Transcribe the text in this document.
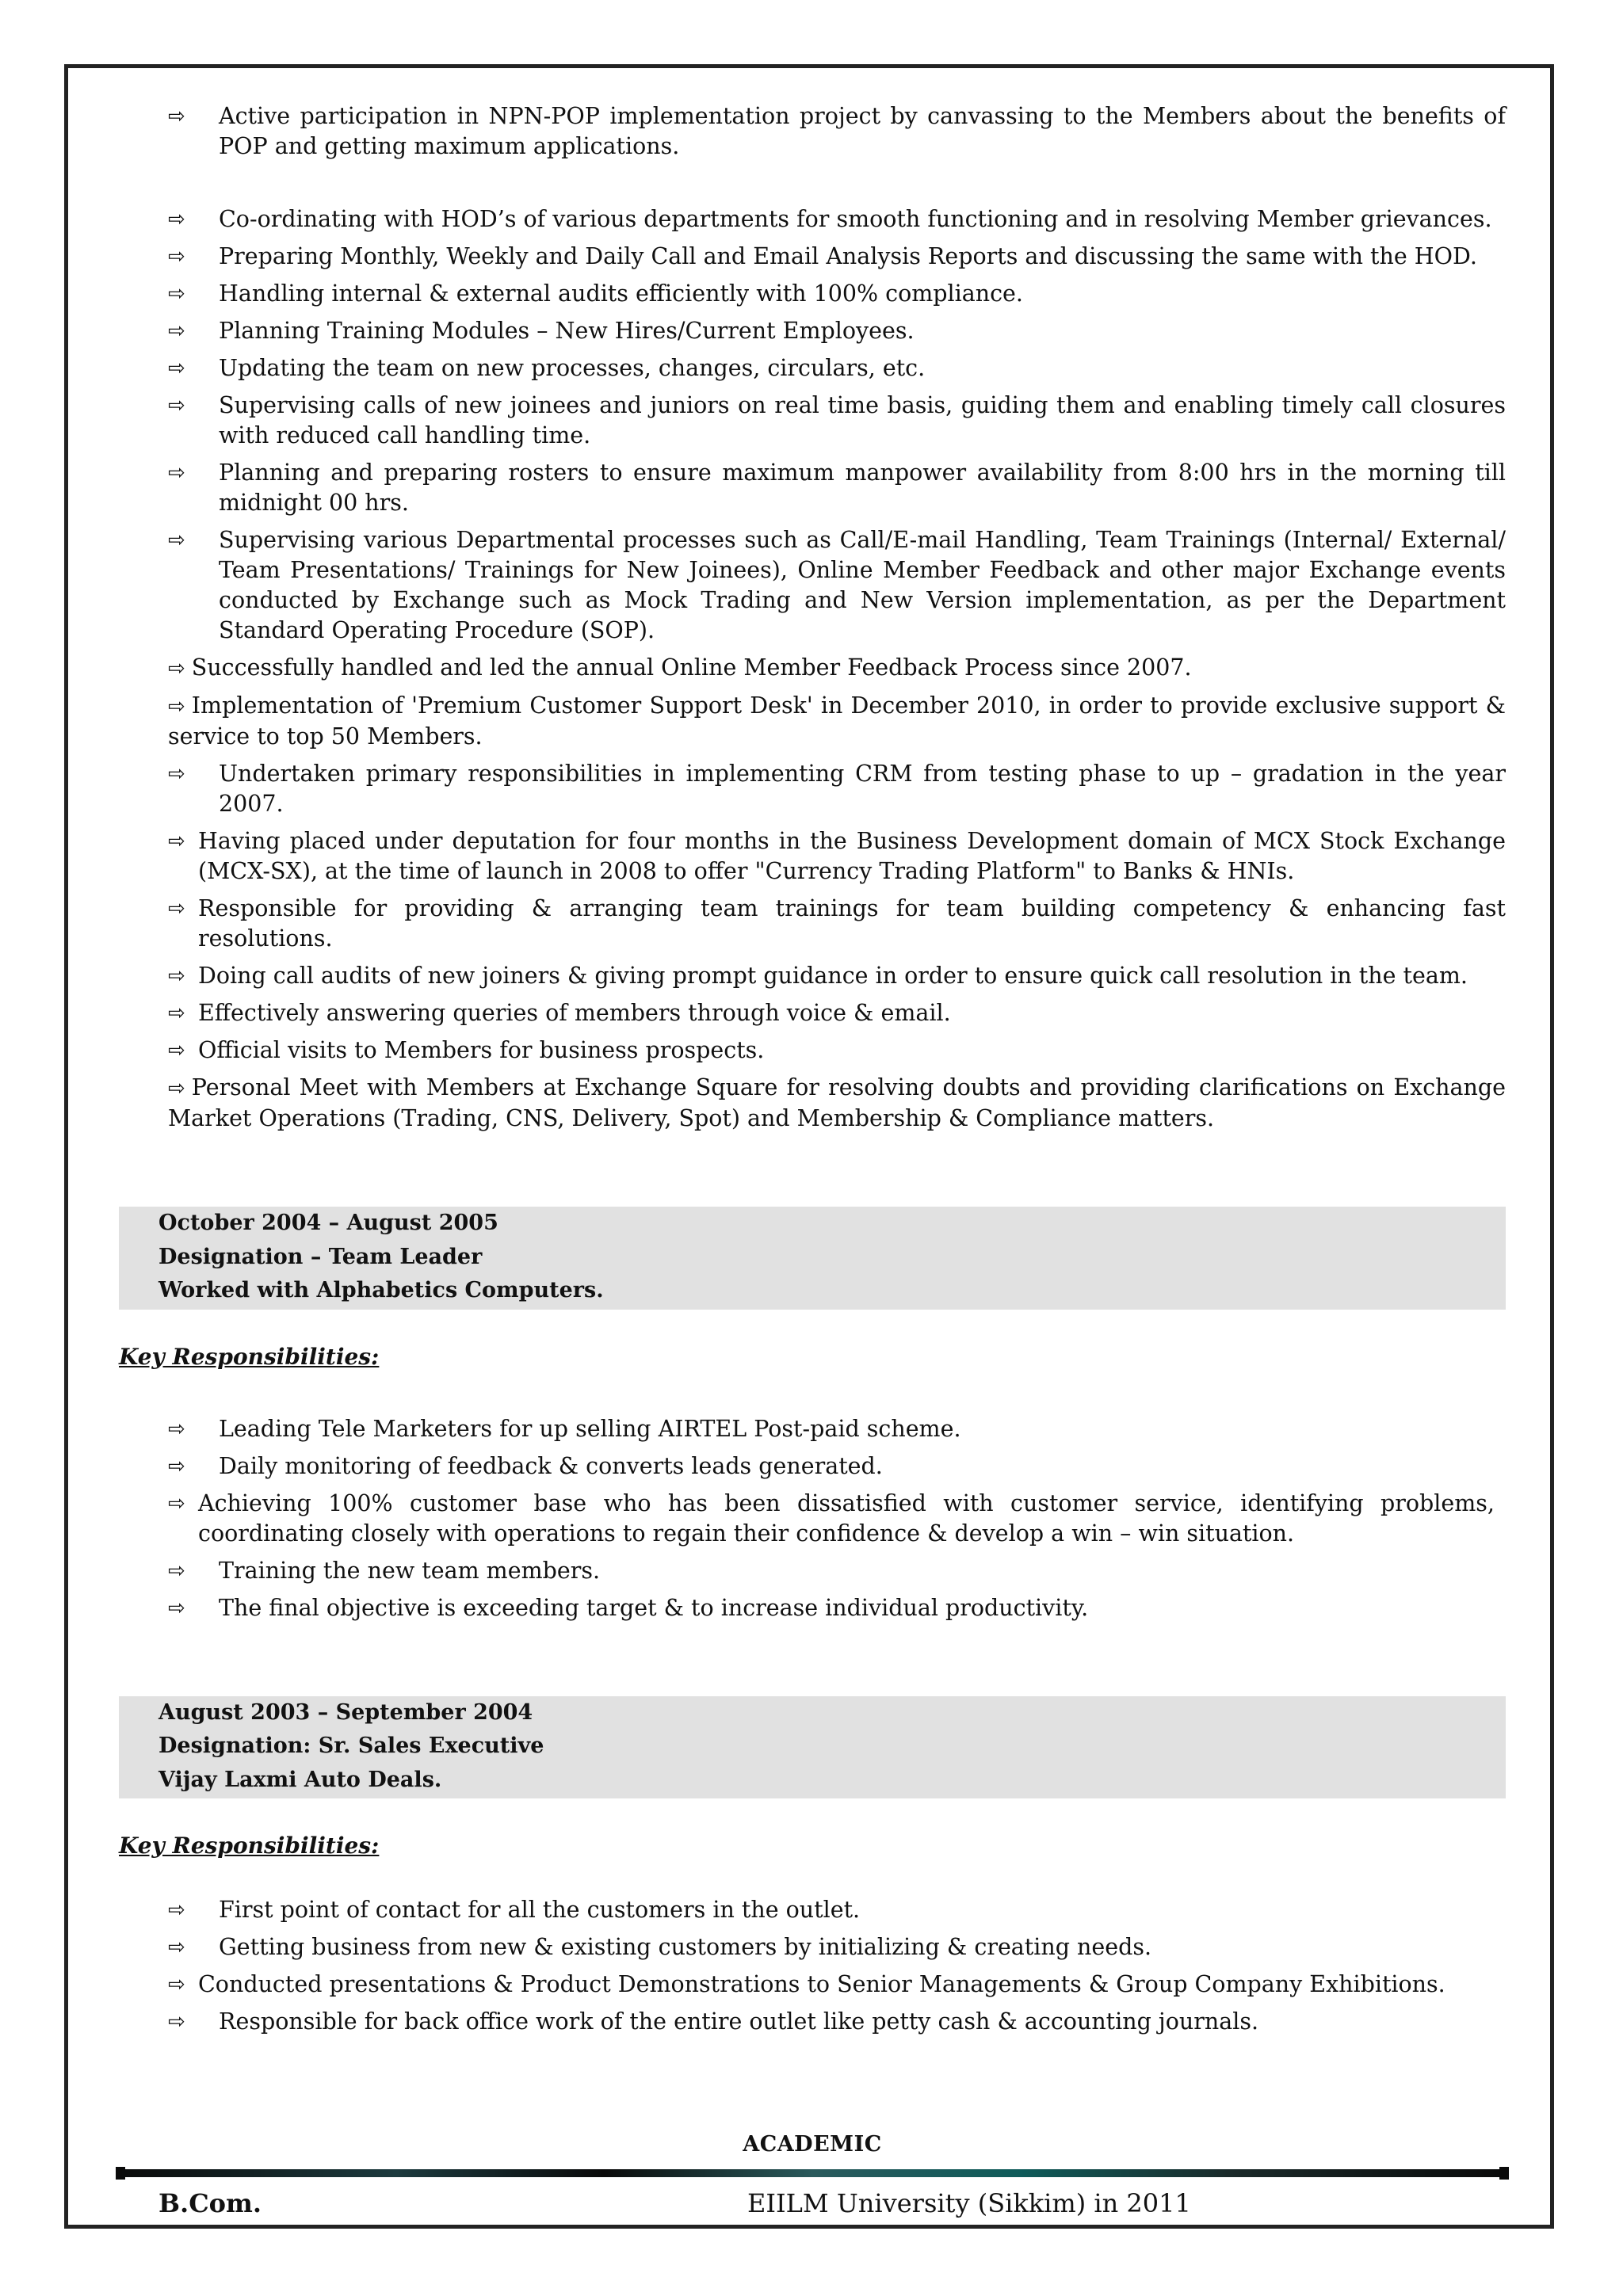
⇨ Active participation in NPN-POP implementation project by canvassing to the Members about the benefits of POP and getting maximum applications.
⇨ Co-ordinating with HOD’s of various departments for smooth functioning and in resolving Member grievances.
⇨ Preparing Monthly, Weekly and Daily Call and Email Analysis Reports and discussing the same with the HOD.
⇨ Handling internal & external audits efficiently with 100% compliance.
⇨ Planning Training Modules – New Hires/Current Employees.
⇨ Updating the team on new processes, changes, circulars, etc.
⇨ Supervising calls of new joinees and juniors on real time basis, guiding them and enabling timely call closures with reduced call handling time.
⇨ Planning and preparing rosters to ensure maximum manpower availability from 8:00 hrs in the morning till midnight 00 hrs.
⇨ Supervising various Departmental processes such as Call/E-mail Handling, Team Trainings (Internal/ External/ Team Presentations/ Trainings for New Joinees), Online Member Feedback and other major Exchange events conducted by Exchange such as Mock Trading and New Version implementation, as per the Department Standard Operating Procedure (SOP).
⇨ Successfully handled and led the annual Online Member Feedback Process since 2007.
⇨ Implementation of 'Premium Customer Support Desk' in December 2010, in order to provide exclusive support & service to top 50 Members.
⇨ Undertaken primary responsibilities in implementing CRM from testing phase to up – gradation in the year 2007.
⇨ Having placed under deputation for four months in the Business Development domain of MCX Stock Exchange (MCX-SX), at the time of launch in 2008 to offer "Currency Trading Platform" to Banks & HNIs.
⇨ Responsible for providing & arranging team trainings for team building competency & enhancing fast resolutions.
⇨ Doing call audits of new joiners & giving prompt guidance in order to ensure quick call resolution in the team.
⇨ Effectively answering queries of members through voice & email.
⇨ Official visits to Members for business prospects.
⇨ Personal Meet with Members at Exchange Square for resolving doubts and providing clarifications on Exchange Market Operations (Trading, CNS, Delivery, Spot) and Membership & Compliance matters.
October 2004 – August 2005
Designation – Team Leader
Worked with Alphabetics Computers.
Key Responsibilities:
⇨ Leading Tele Marketers for up selling AIRTEL Post-paid scheme.
⇨ Daily monitoring of feedback & converts leads generated.
⇨ Achieving 100% customer base who has been dissatisfied with customer service, identifying problems, coordinating closely with operations to regain their confidence & develop a win – win situation.
⇨ Training the new team members.
⇨ The final objective is exceeding target & to increase individual productivity.
August 2003 – September 2004
Designation: Sr. Sales Executive
Vijay Laxmi Auto Deals.
Key Responsibilities:
⇨ First point of contact for all the customers in the outlet.
⇨ Getting business from new & existing customers by initializing & creating needs.
⇨ Conducted presentations & Product Demonstrations to Senior Managements & Group Company Exhibitions.
⇨ Responsible for back office work of the entire outlet like petty cash & accounting journals.
ACADEMIC
B.Com.	EIILM University (Sikkim) in 2011
